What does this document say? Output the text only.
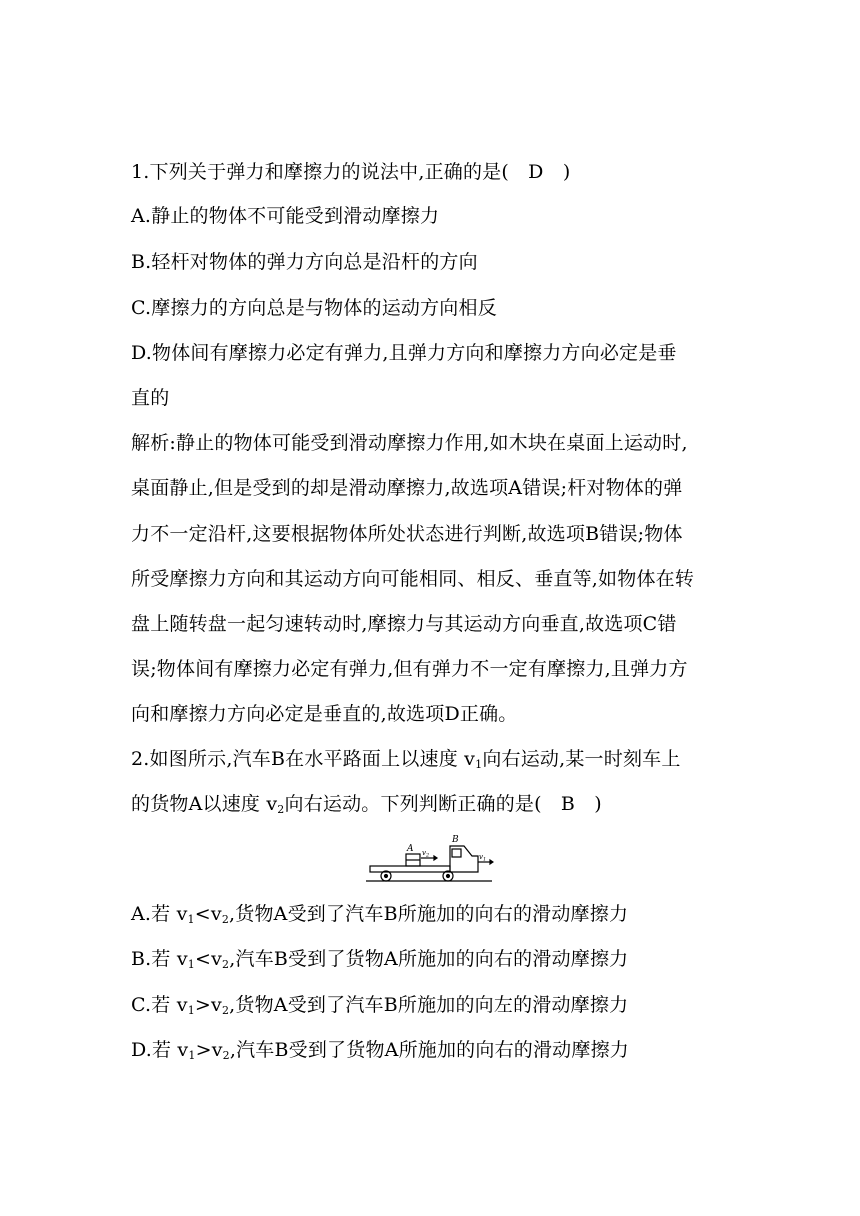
1.下列关于弹力和摩擦力的说法中,正确的是(　D　)
A.静止的物体不可能受到滑动摩擦力
B.轻杆对物体的弹力方向总是沿杆的方向
C.摩擦力的方向总是与物体的运动方向相反
D.物体间有摩擦力必定有弹力,且弹力方向和摩擦力方向必定是垂
直的
解析:静止的物体可能受到滑动摩擦力作用,如木块在桌面上运动时,
桌面静止,但是受到的却是滑动摩擦力,故选项A错误;杆对物体的弹
力不一定沿杆,这要根据物体所处状态进行判断,故选项B错误;物体
所受摩擦力方向和其运动方向可能相同、相反、垂直等,如物体在转
盘上随转盘一起匀速转动时,摩擦力与其运动方向垂直,故选项C错
误;物体间有摩擦力必定有弹力,但有弹力不一定有摩擦力,且弹力方
向和摩擦力方向必定是垂直的,故选项D正确。
2.如图所示,汽车B在水平路面上以速度 $v_1$向右运动,某一时刻车上
的货物A以速度 $v_2$向右运动。下列判断正确的是(　B　)
A
B
v 2	v 1
A.若 $v_1<v_2$,货物A受到了汽车B所施加的向右的滑动摩擦力
B.若 $v_1<v_2$,汽车B受到了货物A所施加的向右的滑动摩擦力
C.若 $v_1>v_2$,货物A受到了汽车B所施加的向左的滑动摩擦力
D.若 $v_1>v_2$,汽车B受到了货物A所施加的向右的滑动摩擦力
